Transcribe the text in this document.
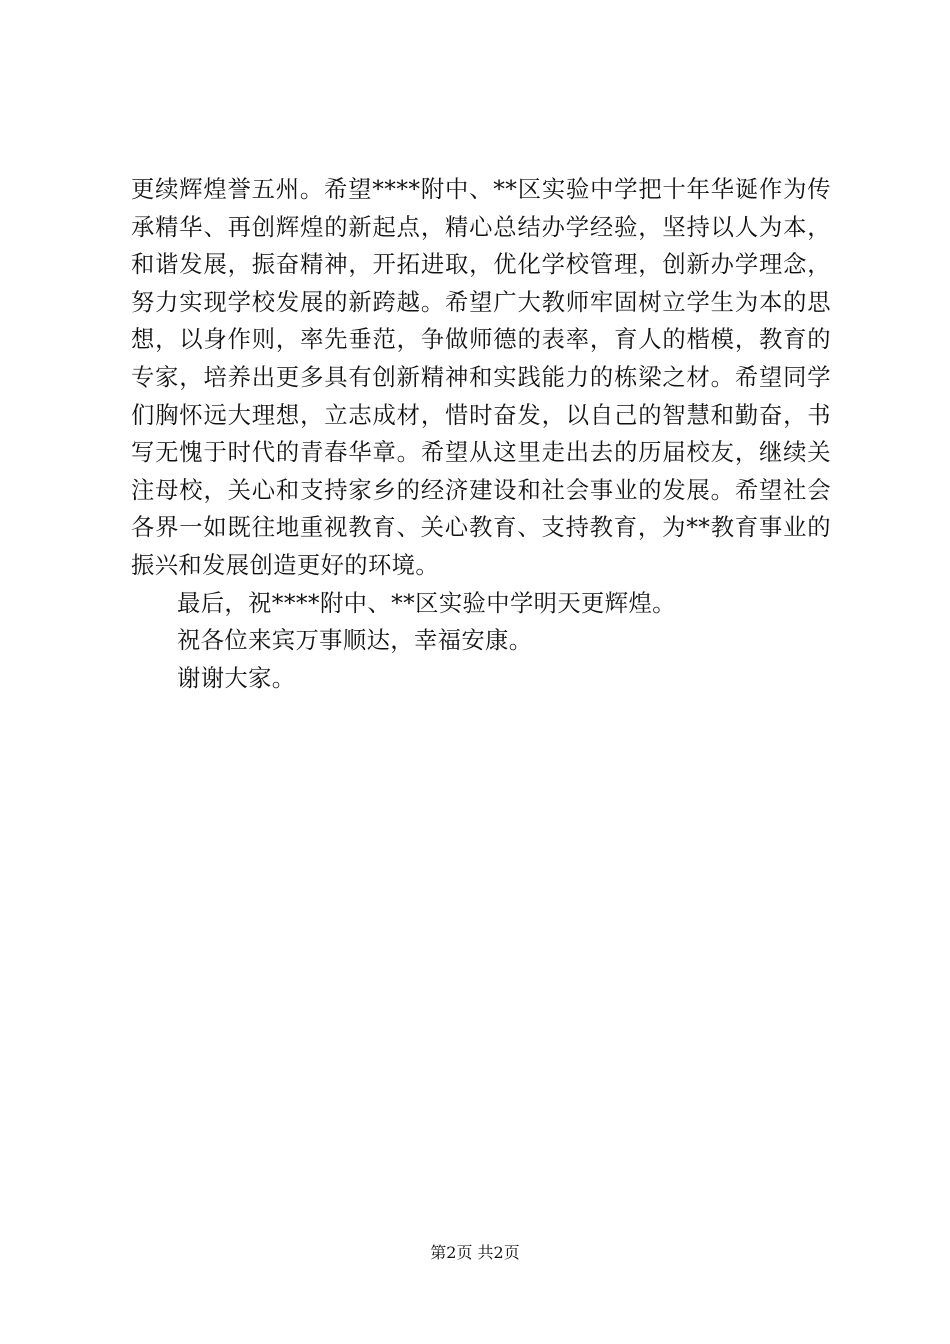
更续辉煌誉五州。希望****附中、**区实验中学把十年华诞作为传承精华、再创辉煌的新起点，精心总结办学经验，坚持以人为本，和谐发展，振奋精神，开拓进取，优化学校管理，创新办学理念，努力实现学校发展的新跨越。希望广大教师牢固树立学生为本的思想，以身作则，率先垂范，争做师德的表率，育人的楷模，教育的专家，培养出更多具有创新精神和实践能力的栋梁之材。希望同学们胸怀远大理想，立志成材，惜时奋发，以自己的智慧和勤奋，书写无愧于时代的青春华章。希望从这里走出去的历届校友，继续关注母校，关心和支持家乡的经济建设和社会事业的发展。希望社会各界一如既往地重视教育、关心教育、支持教育，为**教育事业的振兴和发展创造更好的环境。

最后，祝****附中、**区实验中学明天更辉煌。

祝各位来宾万事顺达，幸福安康。

谢谢大家。

第2页 共2页
